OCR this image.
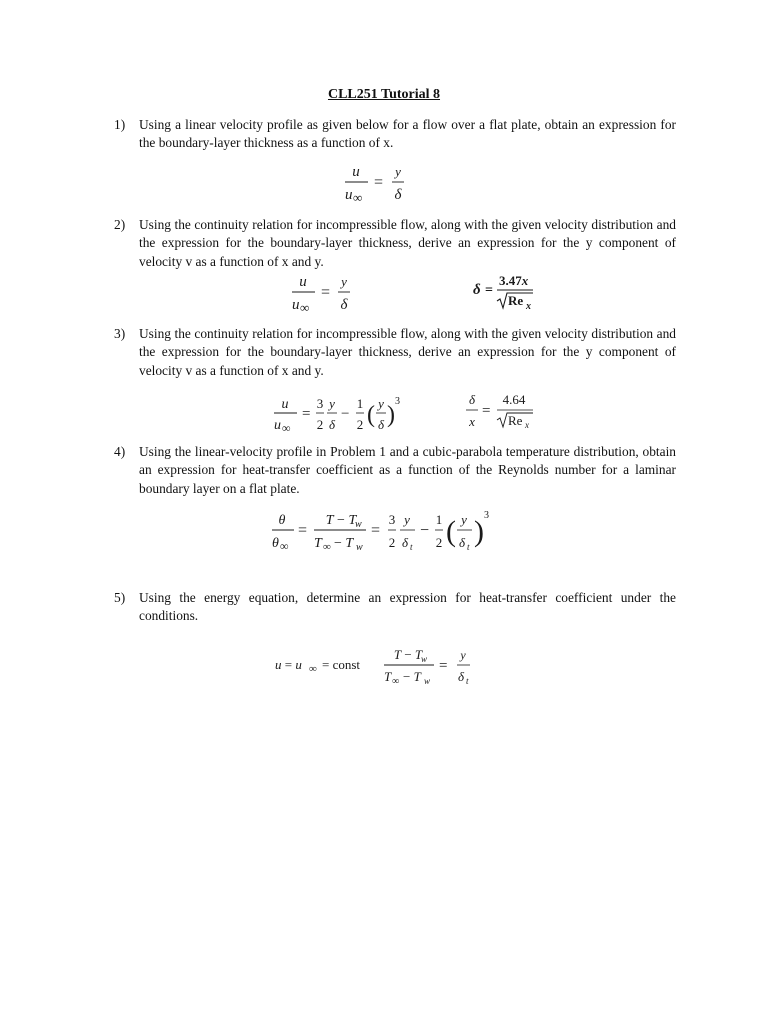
CLL251 Tutorial 8
1) Using a linear velocity profile as given below for a flow over a flat plate, obtain an expression for the boundary-layer thickness as a function of x.
u
u ∞
=
y
δ
2) Using the continuity relation for incompressible flow, along with the given velocity distribution and the expression for the boundary-layer thickness, derive an expression for the y component of velocity v as a function of x and y.
u
u ∞
=
y
δ
δ =
3.47x
Re x
3) Using the continuity relation for incompressible flow, along with the given velocity distribution and the expression for the boundary-layer thickness, derive an expression for the y component of velocity v as a function of x and y.
u
u ∞
=
3
2
y
δ
−
1
2 ( y
δ )
3	δ
x
=
4.64
Re x
4) Using the linear-velocity profile in Problem 1 and a cubic-parabola temperature distribution, obtain an expression for heat-transfer coefficient as a function of the Reynolds number for a laminar boundary layer on a flat plate.
θ
θ ∞
=
T − T
w
T ∞ − T w
=
3
2
y
δ t
−
1
2 ( y
δ t ) 3
5) Using the energy equation, determine an expression for heat-transfer coefficient under the conditions.
u = u ∞ = const
T − T
w
T ∞ − T w
=
y
δ t
